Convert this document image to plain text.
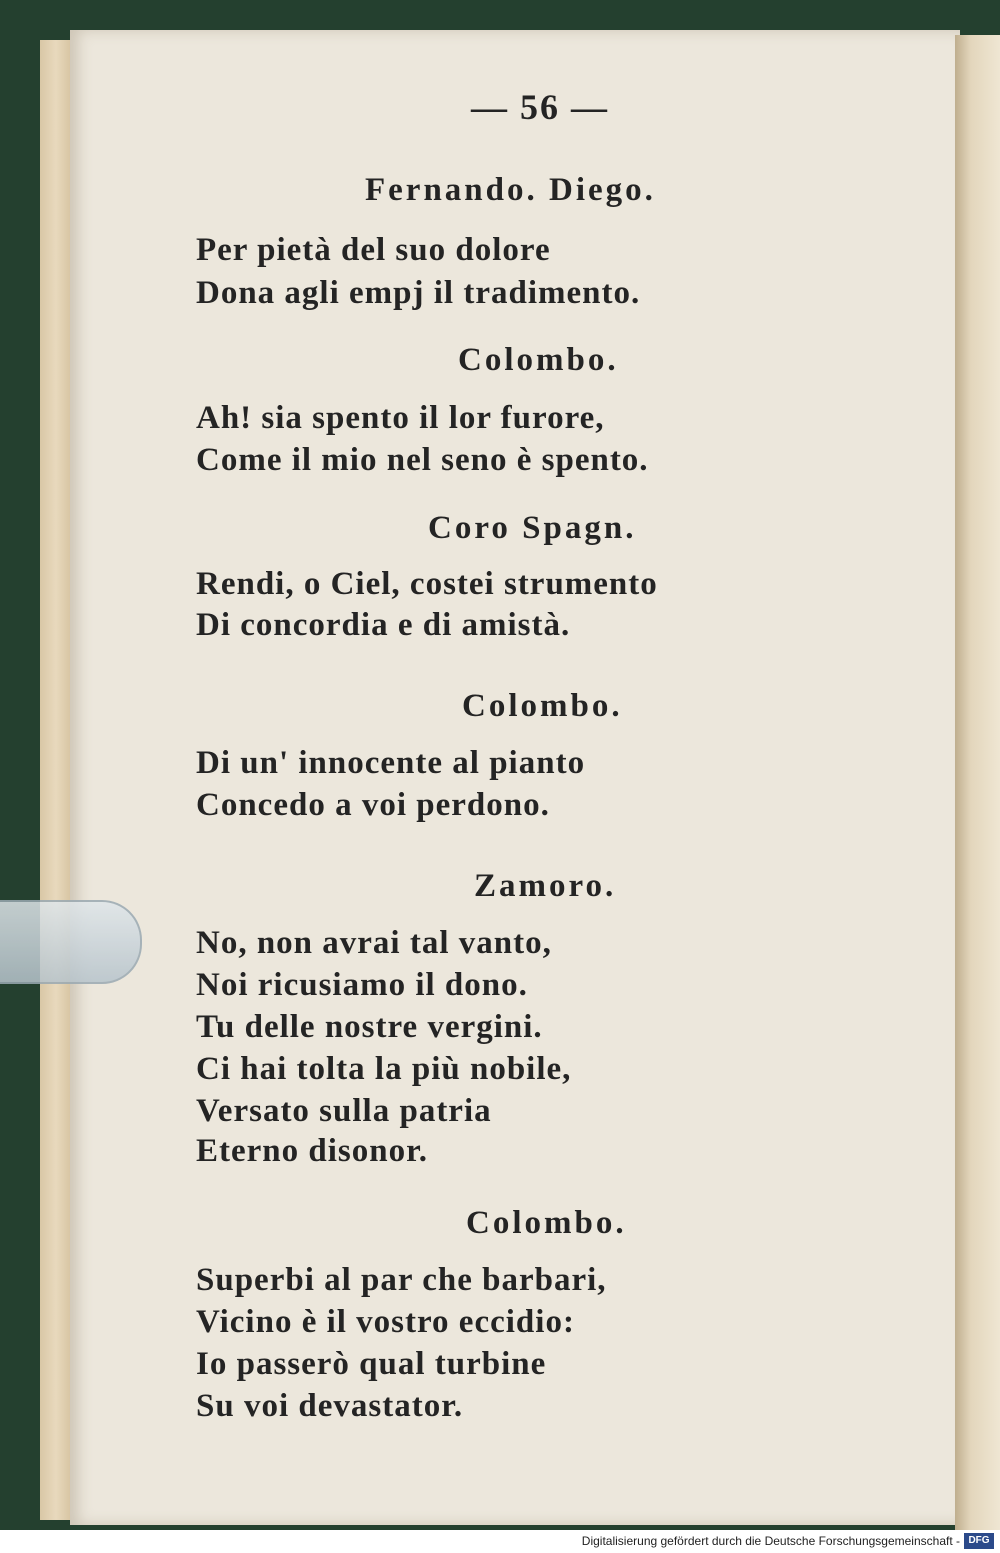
— 56 —
Fernando. Diego.
Per pietà del suo dolore
Dona agli empj il tradimento.
Colombo.
Ah! sia spento il lor furore,
Come il mio nel seno è spento.
Coro Spagn.
Rendi, o Ciel, costei strumento
Di concordia e di amistà.
Colombo.
Di un' innocente al pianto
Concedo a voi perdono.
Zamoro.
No, non avrai tal vanto,
Noi ricusiamo il dono.
Tu delle nostre vergini.
Ci hai tolta la più nobile,
Versato sulla patria
Eterno disonor.
Colombo.
Superbi al par che barbari,
Vicino è il vostro eccidio:
Io passerò qual turbine
Su voi devastator.
Digitalisierung gefördert durch die Deutsche Forschungsgemeinschaft - DFG
